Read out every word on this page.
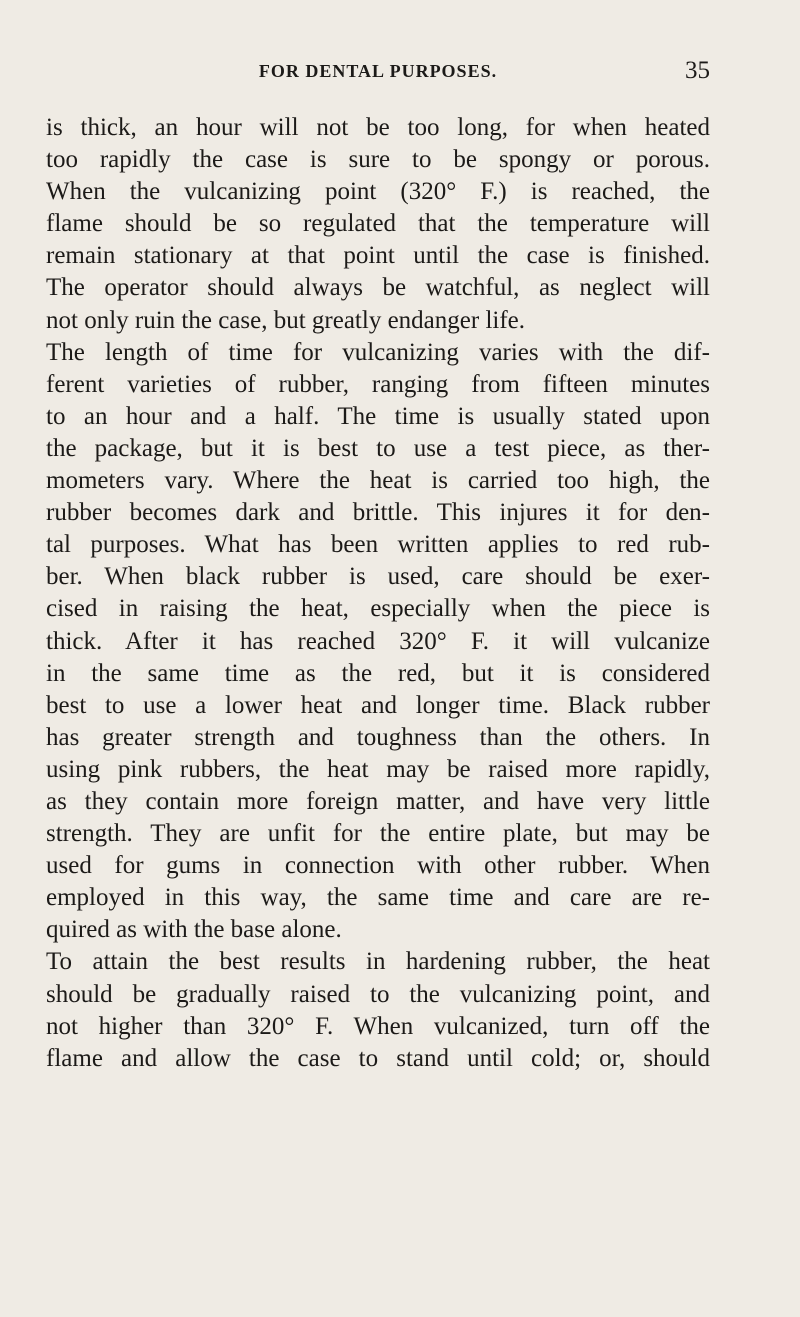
FOR DENTAL PURPOSES.	35
is thick, an hour will not be too long, for when heated
too rapidly the case is sure to be spongy or porous.
When the vulcanizing point (320° F.) is reached, the
flame should be so regulated that the temperature will
remain stationary at that point until the case is finished.
The operator should always be watchful, as neglect will
not only ruin the case, but greatly endanger life.
The length of time for vulcanizing varies with the dif-
ferent varieties of rubber, ranging from fifteen minutes
to an hour and a half. The time is usually stated upon
the package, but it is best to use a test piece, as ther-
mometers vary. Where the heat is carried too high, the
rubber becomes dark and brittle. This injures it for den-
tal purposes. What has been written applies to red rub-
ber. When black rubber is used, care should be exer-
cised in raising the heat, especially when the piece is
thick. After it has reached 320° F. it will vulcanize
in the same time as the red, but it is considered
best to use a lower heat and longer time. Black rubber
has greater strength and toughness than the others. In
using pink rubbers, the heat may be raised more rapidly,
as they contain more foreign matter, and have very little
strength. They are unfit for the entire plate, but may be
used for gums in connection with other rubber. When
employed in this way, the same time and care are re-
quired as with the base alone.
To attain the best results in hardening rubber, the heat
should be gradually raised to the vulcanizing point, and
not higher than 320° F. When vulcanized, turn off the
flame and allow the case to stand until cold; or, should
